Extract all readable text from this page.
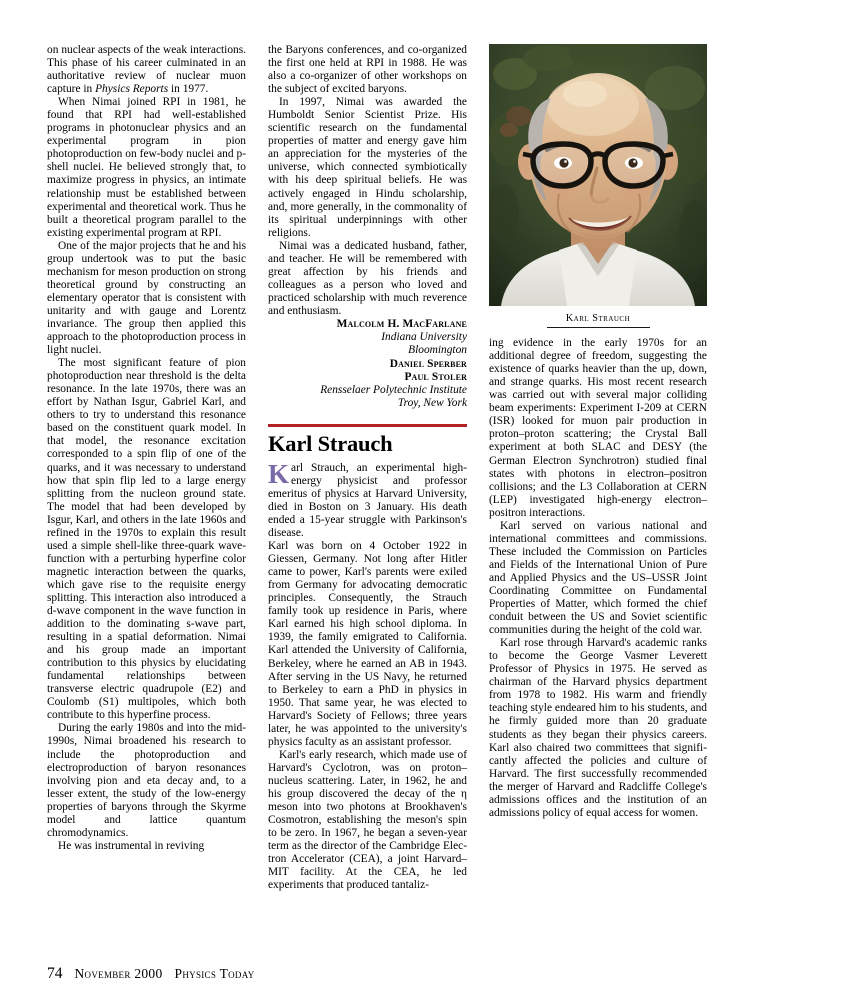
on nuclear aspects of the weak interactions. This phase of his career culminated in an authoritative review of nuclear muon capture in Physics Reports in 1977.

When Nimai joined RPI in 1981, he found that RPI had well-established programs in photonuclear physics and an experimental program in pion photoproduction on few-body nuclei and p-shell nuclei. He believed strongly that, to maximize progress in physics, an intimate relationship must be established between experimental and theoretical work. Thus he built a theoretical program parallel to the existing experimental program at RPI.

One of the major projects that he and his group undertook was to put the basic mechanism for meson production on strong theoretical ground by constructing an elementary operator that is consistent with unitarity and with gauge and Lorentz invariance. The group then applied this approach to the photoproduction process in light nuclei.

The most significant feature of pion photoproduction near threshold is the delta resonance. In the late 1970s, there was an effort by Nathan Isgur, Gabriel Karl, and others to try to understand this resonance based on the constituent quark model. In that model, the resonance excitation corresponded to a spin flip of one of the quarks, and it was necessary to understand how that spin flip led to a large energy splitting from the nucleon ground state. The model that had been developed by Isgur, Karl, and others in the late 1960s and refined in the 1970s to explain this result used a simple shell-like three-quark wave-function with a perturbing hyperfine color magnetic interaction between the quarks, which gave rise to the requisite energy splitting. This interaction also introduced a d-wave component in the wave function in addition to the dominating s-wave part, resulting in a spatial deformation. Nimai and his group made an important contribution to this physics by elucidating fundamental relationships between transverse electric quadrupole (E2) and Coulomb (S1) multipoles, which both contribute to this hyperfine process.

During the early 1980s and into the mid-1990s, Nimai broadened his research to include the photoproduction and electroproduction of baryon resonances involving pion and eta decay and, to a lesser extent, the study of the low-energy properties of baryons through the Skyrme model and lattice quantum chromodynamics.

He was instrumental in reviving

the Baryons conferences, and co-organized the first one held at RPI in 1988. He was also a co-organizer of other workshops on the subject of excited baryons.

In 1997, Nimai was awarded the Humboldt Senior Scientist Prize. His scientific research on the fundamental properties of matter and energy gave him an appreciation for the mysteries of the universe, which connected symbiotically with his deep spiritual beliefs. He was actively engaged in Hindu scholarship, and, more generally, in the commonality of its spiritual underpinnings with other religions.

Nimai was a dedicated husband, father, and teacher. He will be remembered with great affection by his friends and colleagues as a person who loved and practiced scholarship with much reverence and enthusiasm.

Malcolm H. MacFarlane

Indiana University

Bloomington

Daniel Sperber

Paul Stoler

Rensselaer Polytechnic Institute

Troy, New York

Karl Strauch

Karl Strauch, an experimental high-energy physicist and professor emeritus of physics at Harvard University, died in Boston on 3 January. His death ended a 15-year struggle with Parkinson's disease.

Karl was born on 4 October 1922 in Giessen, Germany. Not long after Hitler came to power, Karl's parents were exiled from Germany for advocating democratic principles. Consequently, the Strauch family took up residence in Paris, where Karl earned his high school diploma. In 1939, the family emigrated to California. Karl attended the University of California, Berkeley, where he earned an AB in 1943. After serving in the US Navy, he returned to Berkeley to earn a PhD in physics in 1950. That same year, he was elected to Harvard's Society of Fellows; three years later, he was appointed to the university's physics faculty as an assistant professor.

Karl's early research, which made use of Harvard's Cyclotron, was on proton–nucleus scattering. Later, in 1962, he and his group discovered the decay of the η meson into two photons at Brookhaven's Cosmotron, establishing the meson's spin to be zero. In 1967, he began a seven-year term as the director of the Cambridge Electron Accelerator (CEA), a joint Harvard–MIT facility. At the CEA, he led experiments that produced tantaliz-

Karl Strauch

ing evidence in the early 1970s for an additional degree of freedom, suggesting the existence of quarks heavier than the up, down, and strange quarks. His most recent research was carried out with several major colliding beam experiments: Experiment I-209 at CERN (ISR) looked for muon pair production in proton–proton scattering; the Crystal Ball experiment at both SLAC and DESY (the German Electron Synchrotron) studied final states with photons in electron–positron collisions; and the L3 Collaboration at CERN (LEP) investigated high-energy electron–positron interactions.

Karl served on various national and international committees and commissions. These included the Commission on Particles and Fields of the International Union of Pure and Applied Physics and the US–USSR Joint Coordinating Committee on Fundamental Properties of Matter, which formed the chief conduit between the US and Soviet scientific communities during the height of the cold war.

Karl rose through Harvard's academic ranks to become the George Vasmer Leverett Professor of Physics in 1975. He served as chairman of the Harvard physics department from 1978 to 1982. His warm and friendly teaching style endeared him to his students, and he firmly guided more than 20 graduate students as they began their physics careers. Karl also chaired two committees that significantly affected the policies and culture of Harvard. The first successfully recommended the merger of Harvard and Radcliffe College's admissions offices and the institution of an admissions policy of equal access for women.

74 November 2000 Physics Today
